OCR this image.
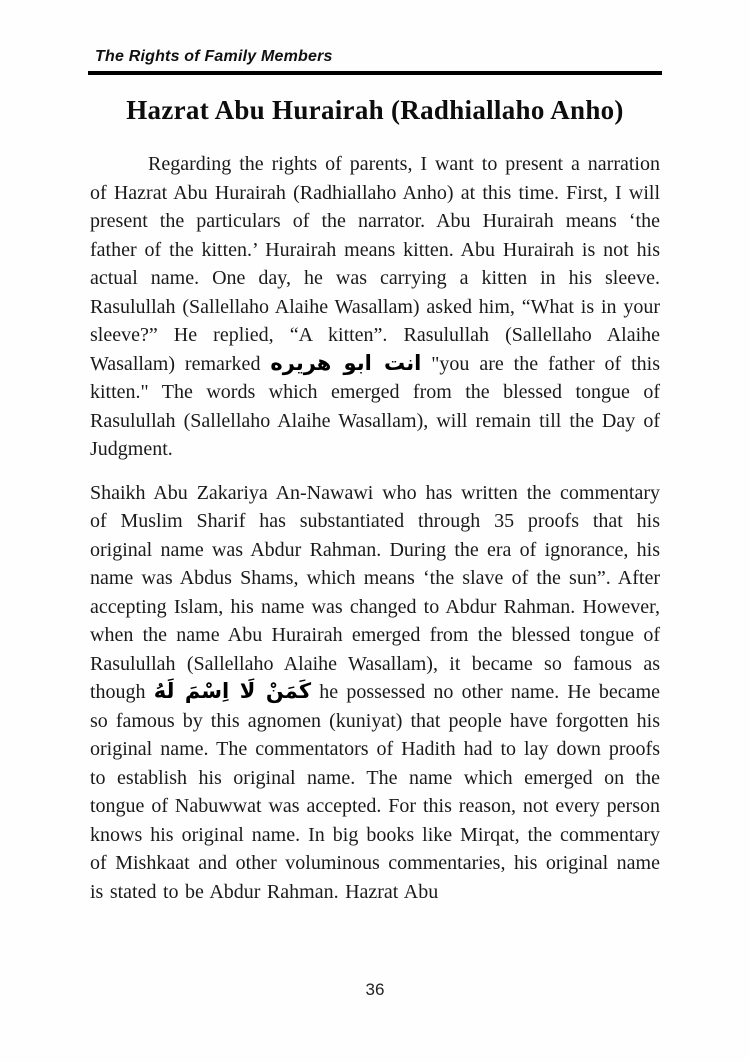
The Rights of Family Members
Hazrat Abu Hurairah (Radhiallaho Anho)

Regarding the rights of parents, I want to present a narration of Hazrat Abu Hurairah (Radhiallaho Anho) at this time. First, I will present the particulars of the narrator. Abu Hurairah means ‘the father of the kitten.’ Hurairah means kitten. Abu Hurairah is not his actual name. One day, he was carrying a kitten in his sleeve. Rasulullah (Sallellaho Alaihe Wasallam) asked him, “What is in your sleeve?” He replied, “A kitten”. Rasulullah (Sallellaho Alaihe Wasallam) remarked انت ابو هريره "you are the father of this kitten." The words which emerged from the blessed tongue of Rasulullah (Sallellaho Alaihe Wasallam), will remain till the Day of Judgment.

Shaikh Abu Zakariya An-Nawawi who has written the commentary of Muslim Sharif has substantiated through 35 proofs that his original name was Abdur Rahman. During the era of ignorance, his name was Abdus Shams, which means ‘the slave of the sun”. After accepting Islam, his name was changed to Abdur Rahman. However, when the name Abu Hurairah emerged from the blessed tongue of Rasulullah (Sallellaho Alaihe Wasallam), it became so famous as though كَمَنْ لَا اِسْمَ لَهُ he possessed no other name. He became so famous by this agnomen (kuniyat) that people have forgotten his original name. The commentators of Hadith had to lay down proofs to establish his original name. The name which emerged on the tongue of Nabuwwat was accepted. For this reason, not every person knows his original name. In big books like Mirqat, the commentary of Mishkaat and other voluminous commentaries, his original name is stated to be Abdur Rahman. Hazrat Abu

36
